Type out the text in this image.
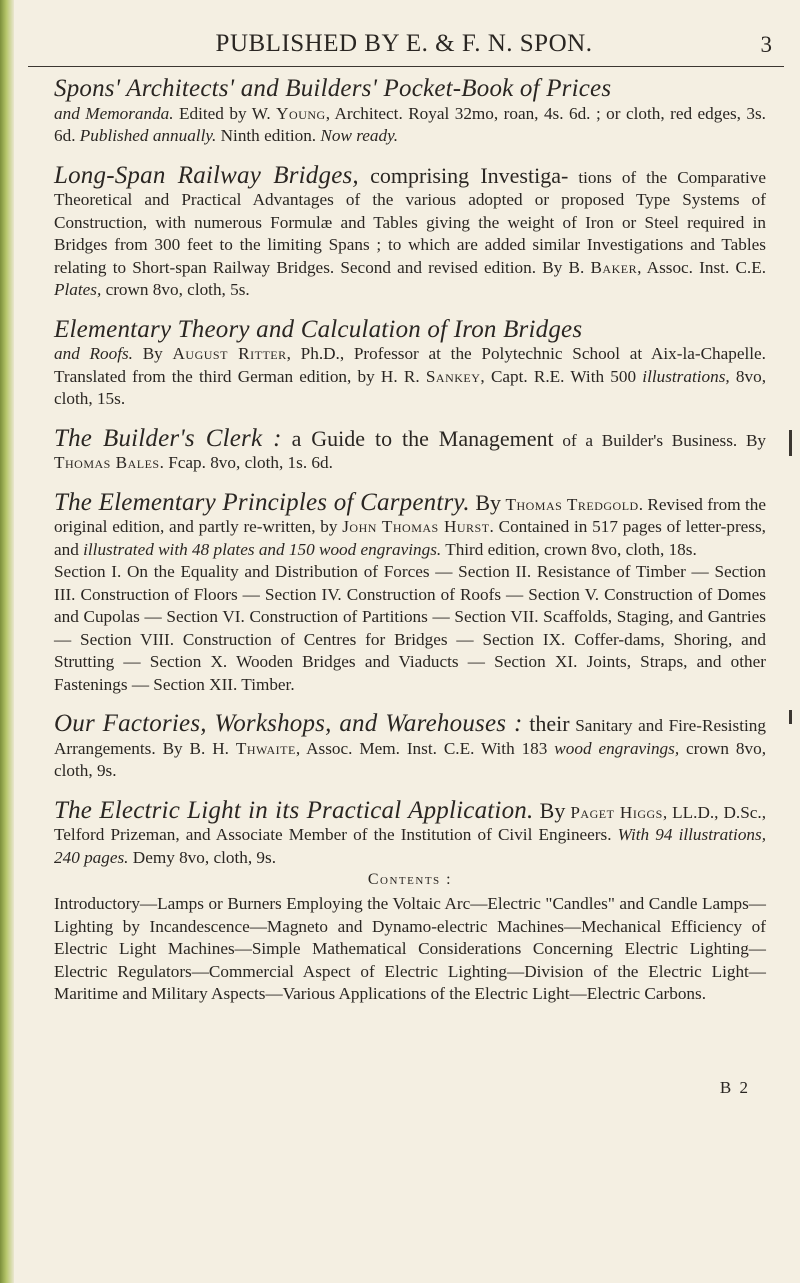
PUBLISHED BY E. & F. N. SPON.	3

Spons' Architects' and Builders' Pocket-Book of Prices
and Memoranda. Edited by W. Young, Architect. Royal 32mo, roan, 4s. 6d. ; or cloth, red edges, 3s. 6d. Published annually. Ninth edition. Now ready.

Long-Span Railway Bridges, comprising Investiga- tions of the Comparative Theoretical and Practical Advantages of the various adopted or proposed Type Systems of Construction, with numerous Formulæ and Tables giving the weight of Iron or Steel required in Bridges from 300 feet to the limiting Spans ; to which are added similar Investigations and Tables relating to Short-span Railway Bridges. Second and revised edition. By B. Baker, Assoc. Inst. C.E. Plates, crown 8vo, cloth, 5s.

Elementary Theory and Calculation of Iron Bridges
and Roofs. By August Ritter, Ph.D., Professor at the Polytechnic School at Aix-la-Chapelle. Translated from the third German edition, by H. R. Sankey, Capt. R.E. With 500 illustrations, 8vo, cloth, 15s.

The Builder's Clerk : a Guide to the Management of a Builder's Business. By Thomas Bales. Fcap. 8vo, cloth, 1s. 6d.

The Elementary Principles of Carpentry. By Thomas Tredgold. Revised from the original edition, and partly re-written, by John Thomas Hurst. Contained in 517 pages of letter-press, and illustrated with 48 plates and 150 wood engravings. Third edition, crown 8vo, cloth, 18s.

Section I. On the Equality and Distribution of Forces — Section II. Resistance of Timber — Section III. Construction of Floors — Section IV. Construction of Roofs — Section V. Construction of Domes and Cupolas — Section VI. Construction of Partitions — Section VII. Scaffolds, Staging, and Gantries — Section VIII. Construction of Centres for Bridges — Section IX. Coffer-dams, Shoring, and Strutting — Section X. Wooden Bridges and Viaducts — Section XI. Joints, Straps, and other Fastenings — Section XII. Timber.

Our Factories, Workshops, and Warehouses : their Sanitary and Fire-Resisting Arrangements. By B. H. Thwaite, Assoc. Mem. Inst. C.E. With 183 wood engravings, crown 8vo, cloth, 9s.

The Electric Light in its Practical Application. By Paget Higgs, LL.D., D.Sc., Telford Prizeman, and Associate Member of the Institution of Civil Engineers. With 94 illustrations, 240 pages. Demy 8vo, cloth, 9s.

Contents :

Introductory—Lamps or Burners Employing the Voltaic Arc—Electric "Candles" and Candle Lamps—Lighting by Incandescence—Magneto and Dynamo-electric Machines—Mechanical Efficiency of Electric Light Machines—Simple Mathematical Considerations Concerning Electric Lighting—Electric Regulators—Commercial Aspect of Electric Lighting—Division of the Electric Light—Maritime and Military Aspects—Various Applications of the Electric Light—Electric Carbons.

B 2
